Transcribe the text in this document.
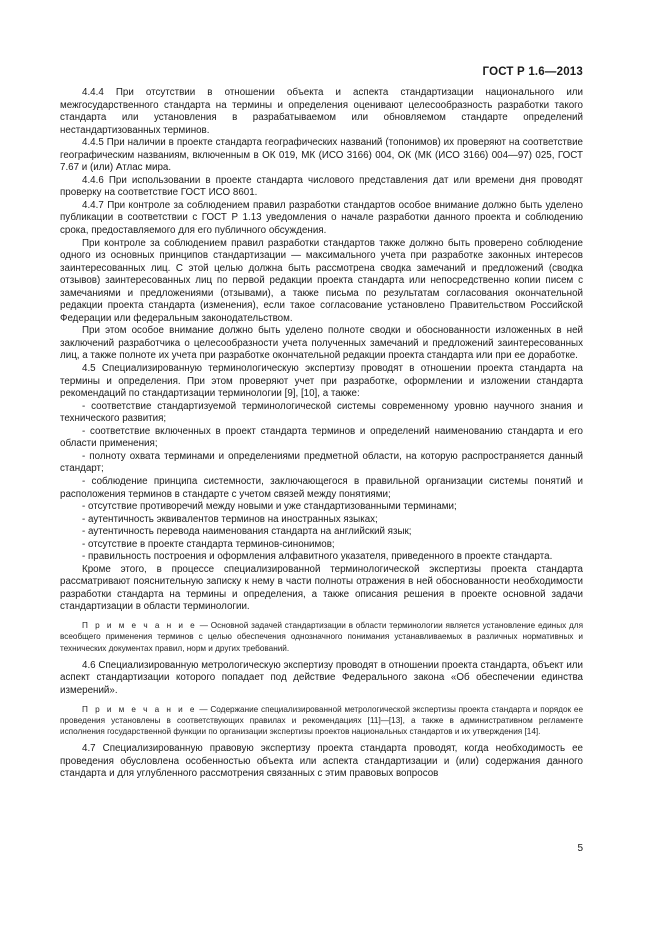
ГОСТ Р 1.6—2013

4.4.4 При отсутствии в отношении объекта и аспекта стандартизации национального или межгосударственного стандарта на термины и определения оценивают целесообразность разработки такого стандарта или установления в разрабатываемом или обновляемом стандарте определений нестандартизованных терминов.

4.4.5 При наличии в проекте стандарта географических названий (топонимов) их проверяют на соответствие географическим названиям, включенным в ОК 019, МК (ИСО 3166) 004, ОК (МК (ИСО 3166) 004—97) 025, ГОСТ 7.67 и (или) Атлас мира.

4.4.6 При использовании в проекте стандарта числового представления дат или времени дня проводят проверку на соответствие ГОСТ ИСО 8601.

4.4.7 При контроле за соблюдением правил разработки стандартов особое внимание должно быть уделено публикации в соответствии с ГОСТ Р 1.13 уведомления о начале разработки данного проекта и соблюдению срока, предоставляемого для его публичного обсуждения.

При контроле за соблюдением правил разработки стандартов также должно быть проверено соблюдение одного из основных принципов стандартизации — максимального учета при разработке законных интересов заинтересованных лиц. С этой целью должна быть рассмотрена сводка замечаний и предложений (сводка отзывов) заинтересованных лиц по первой редакции проекта стандарта или непосредственно копии писем с замечаниями и предложениями (отзывами), а также письма по результатам согласования окончательной редакции проекта стандарта (изменения), если такое согласование установлено Правительством Российской Федерации или федеральным законодательством.

При этом особое внимание должно быть уделено полноте сводки и обоснованности изложенных в ней заключений разработчика о целесообразности учета полученных замечаний и предложений заинтересованных лиц, а также полноте их учета при разработке окончательной редакции проекта стандарта или при ее доработке.

4.5 Специализированную терминологическую экспертизу проводят в отношении проекта стандарта на термины и определения. При этом проверяют учет при разработке, оформлении и изложении стандарта рекомендаций по стандартизации терминологии [9], [10], а также:

- соответствие стандартизуемой терминологической системы современному уровню научного знания и технического развития;

- соответствие включенных в проект стандарта терминов и определений наименованию стандарта и его области применения;

- полноту охвата терминами и определениями предметной области, на которую распространяется данный стандарт;

- соблюдение принципа системности, заключающегося в правильной организации системы понятий и расположения терминов в стандарте с учетом связей между понятиями;

- отсутствие противоречий между новыми и уже стандартизованными терминами;

- аутентичность эквивалентов терминов на иностранных языках;

- аутентичность перевода наименования стандарта на английский язык;

- отсутствие в проекте стандарта терминов-синонимов;

- правильность построения и оформления алфавитного указателя, приведенного в проекте стандарта.

Кроме этого, в процессе специализированной терминологической экспертизы проекта стандарта рассматривают пояснительную записку к нему в части полноты отражения в ней обоснованности необходимости разработки стандарта на термины и определения, а также описания решения в проекте основной задачи стандартизации в области терминологии.

П р и м е ч а н и е — Основной задачей стандартизации в области терминологии является установление единых для всеобщего применения терминов с целью обеспечения однозначного понимания устанавливаемых в различных нормативных и технических документах правил, норм и других требований.

4.6 Специализированную метрологическую экспертизу проводят в отношении проекта стандарта, объект или аспект стандартизации которого попадает под действие Федерального закона «Об обеспечении единства измерений».

П р и м е ч а н и е — Содержание специализированной метрологической экспертизы проекта стандарта и порядок ее проведения установлены в соответствующих правилах и рекомендациях [11]—[13], а также в административном регламенте исполнения государственной функции по организации экспертизы проектов национальных стандартов и их утверждения [14].

4.7 Специализированную правовую экспертизу проекта стандарта проводят, когда необходимость ее проведения обусловлена особенностью объекта или аспекта стандартизации и (или) содержания данного стандарта и для углубленного рассмотрения связанных с этим правовых вопросов

5
